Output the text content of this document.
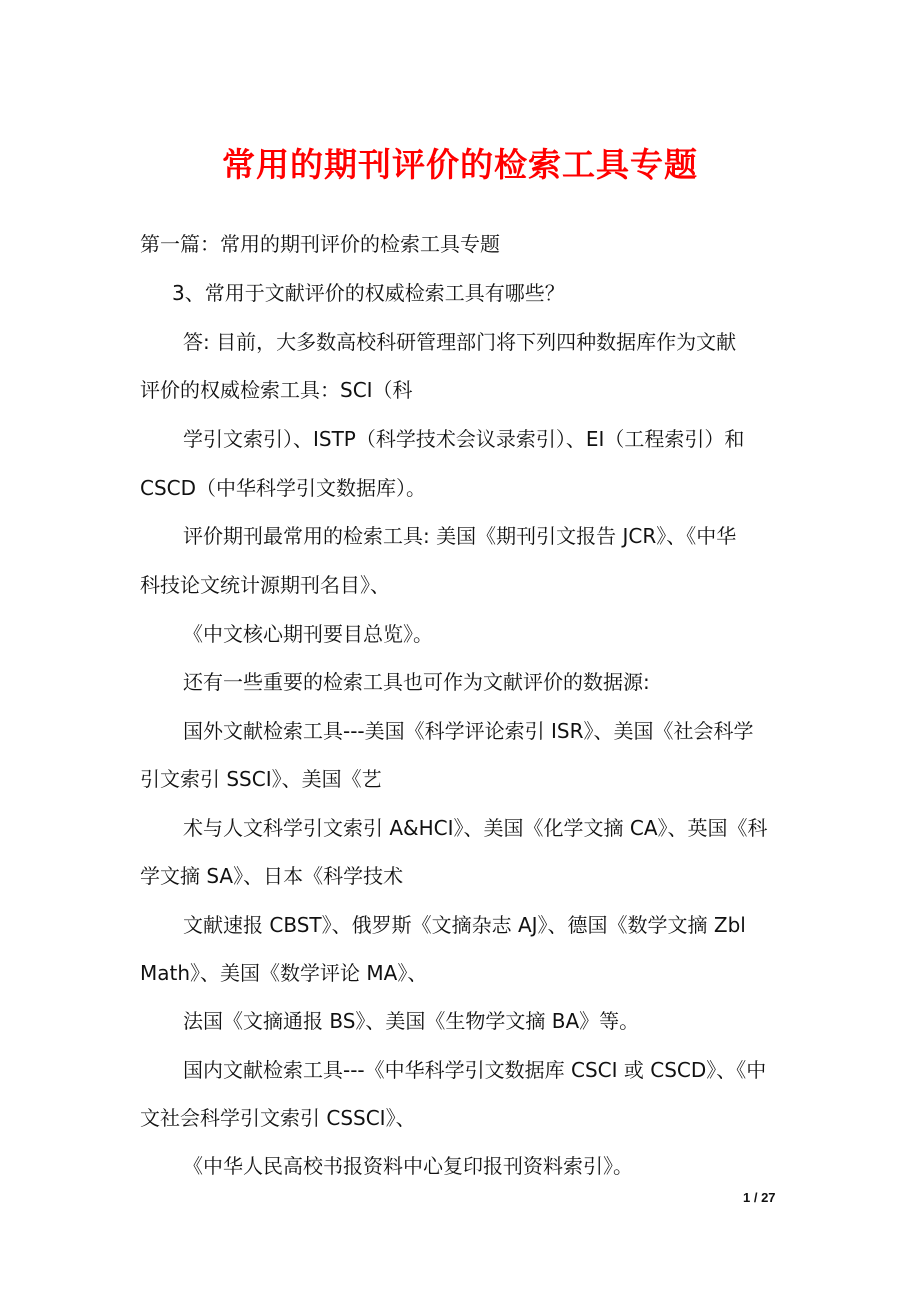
常用的期刊评价的检索工具专题
第一篇：常用的期刊评价的检索工具专题
3、常用于文献评价的权威检索工具有哪些？
答: 目前，大多数高校科研管理部门将下列四种数据库作为文献
评价的权威检索工具：SCI（科
学引文索引）、ISTP（科学技术会议录索引）、EI（工程索引）和
CSCD（中华科学引文数据库）。
评价期刊最常用的检索工具: 美国《期刊引文报告 JCR》、《中华
科技论文统计源期刊名目》、
《中文核心期刊要目总览》。
还有一些重要的检索工具也可作为文献评价的数据源:
国外文献检索工具---美国《科学评论索引 ISR》、美国《社会科学
引文索引 SSCI》、美国《艺
术与人文科学引文索引 A&HCI》、美国《化学文摘 CA》、英国《科
学文摘 SA》、日本《科学技术
文献速报 CBST》、俄罗斯《文摘杂志 AJ》、德国《数学文摘 Zbl
Math》、美国《数学评论 MA》、
法国《文摘通报 BS》、美国《生物学文摘 BA》等。
国内文献检索工具---《中华科学引文数据库 CSCI 或 CSCD》、《中
文社会科学引文索引 CSSCI》、
《中华人民高校书报资料中心复印报刊资料索引》。
1 / 27
